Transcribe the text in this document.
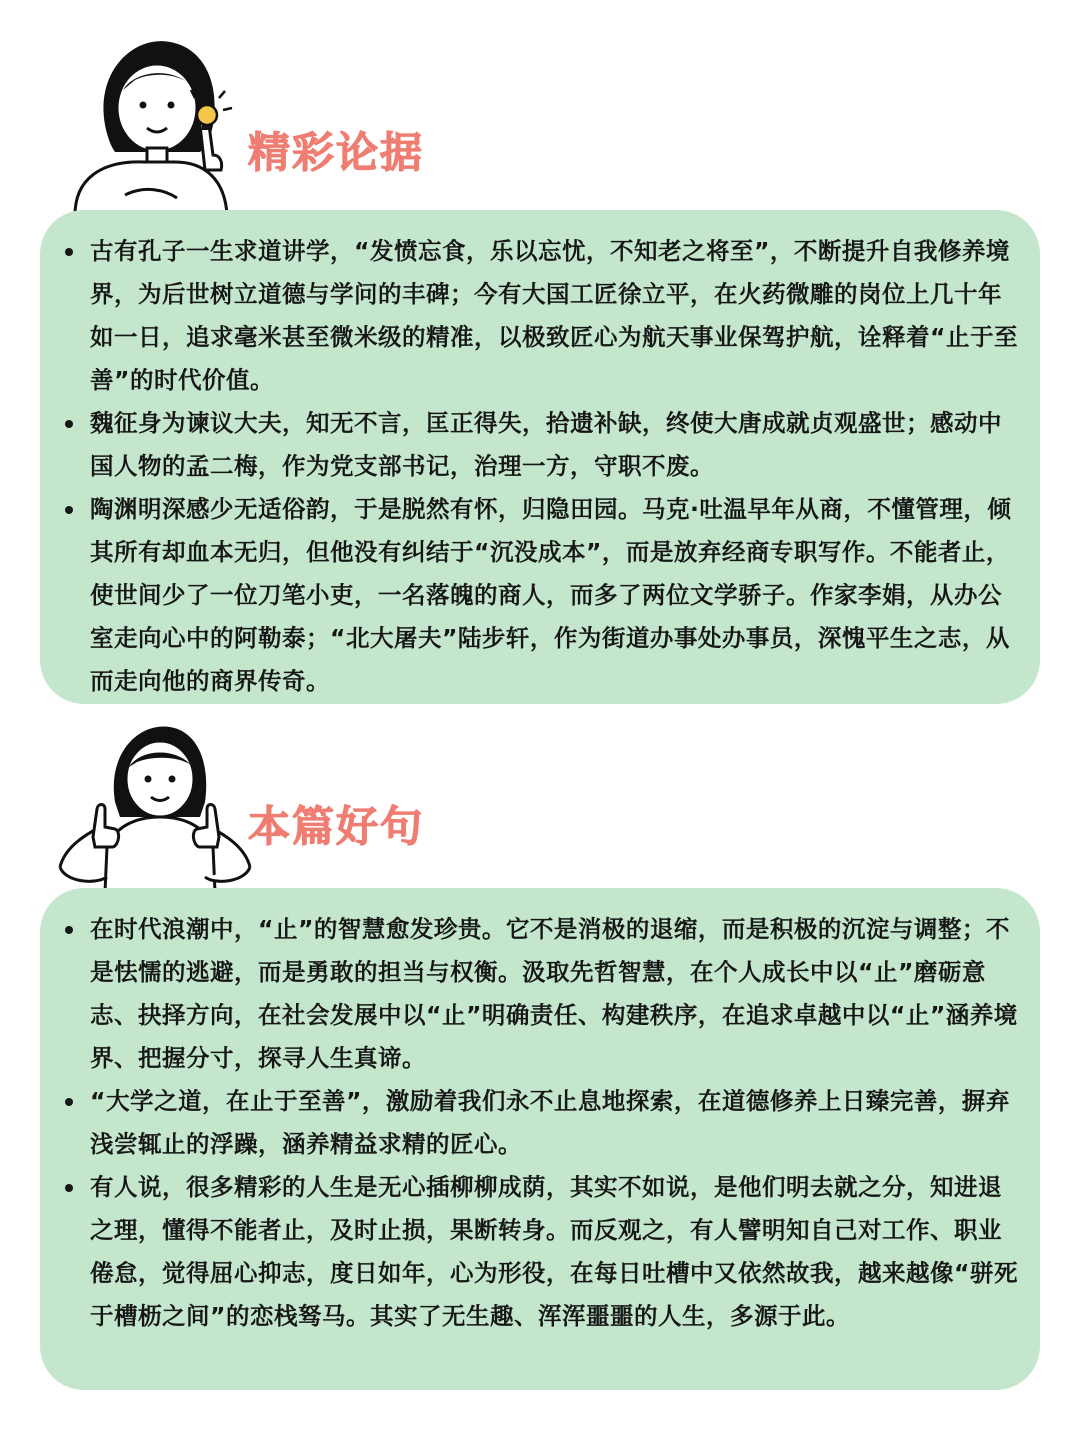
精彩论据
古有孔子一生求道讲学，“发愤忘食，乐以忘忧，不知老之将至”，不断提升自我修养境界，为后世树立道德与学问的丰碑；今有大国工匠徐立平，在火药微雕的岗位上几十年如一日，追求毫米甚至微米级的精准，以极致匠心为航天事业保驾护航，诠释着“止于至善”的时代价值。
魏征身为谏议大夫，知无不言，匡正得失，拾遗补缺，终使大唐成就贞观盛世；感动中国人物的孟二梅，作为党支部书记，治理一方，守职不废。
陶渊明深感少无适俗韵，于是脱然有怀，归隐田园。马克·吐温早年从商，不懂管理，倾其所有却血本无归，但他没有纠结于“沉没成本”，而是放弃经商专职写作。不能者止，使世间少了一位刀笔小吏，一名落魄的商人，而多了两位文学骄子。作家李娟，从办公室走向心中的阿勒泰；“北大屠夫”陆步轩，作为街道办事处办事员，深愧平生之志，从而走向他的商界传奇。
本篇好句
在时代浪潮中，“止”的智慧愈发珍贵。它不是消极的退缩，而是积极的沉淀与调整；不是怯懦的逃避，而是勇敢的担当与权衡。汲取先哲智慧，在个人成长中以“止”磨砺意志、抉择方向，在社会发展中以“止”明确责任、构建秩序，在追求卓越中以“止”涵养境界、把握分寸，探寻人生真谛。
“大学之道，在止于至善”，激励着我们永不止息地探索，在道德修养上日臻完善，摒弃浅尝辄止的浮躁，涵养精益求精的匠心。
有人说，很多精彩的人生是无心插柳柳成荫，其实不如说，是他们明去就之分，知进退之理，懂得不能者止，及时止损，果断转身。而反观之，有人譬明知自己对工作、职业倦怠，觉得屈心抑志，度日如年，心为形役，在每日吐槽中又依然故我，越来越像“骈死于槽枥之间”的恋栈驽马。其实了无生趣、浑浑噩噩的人生，多源于此。
